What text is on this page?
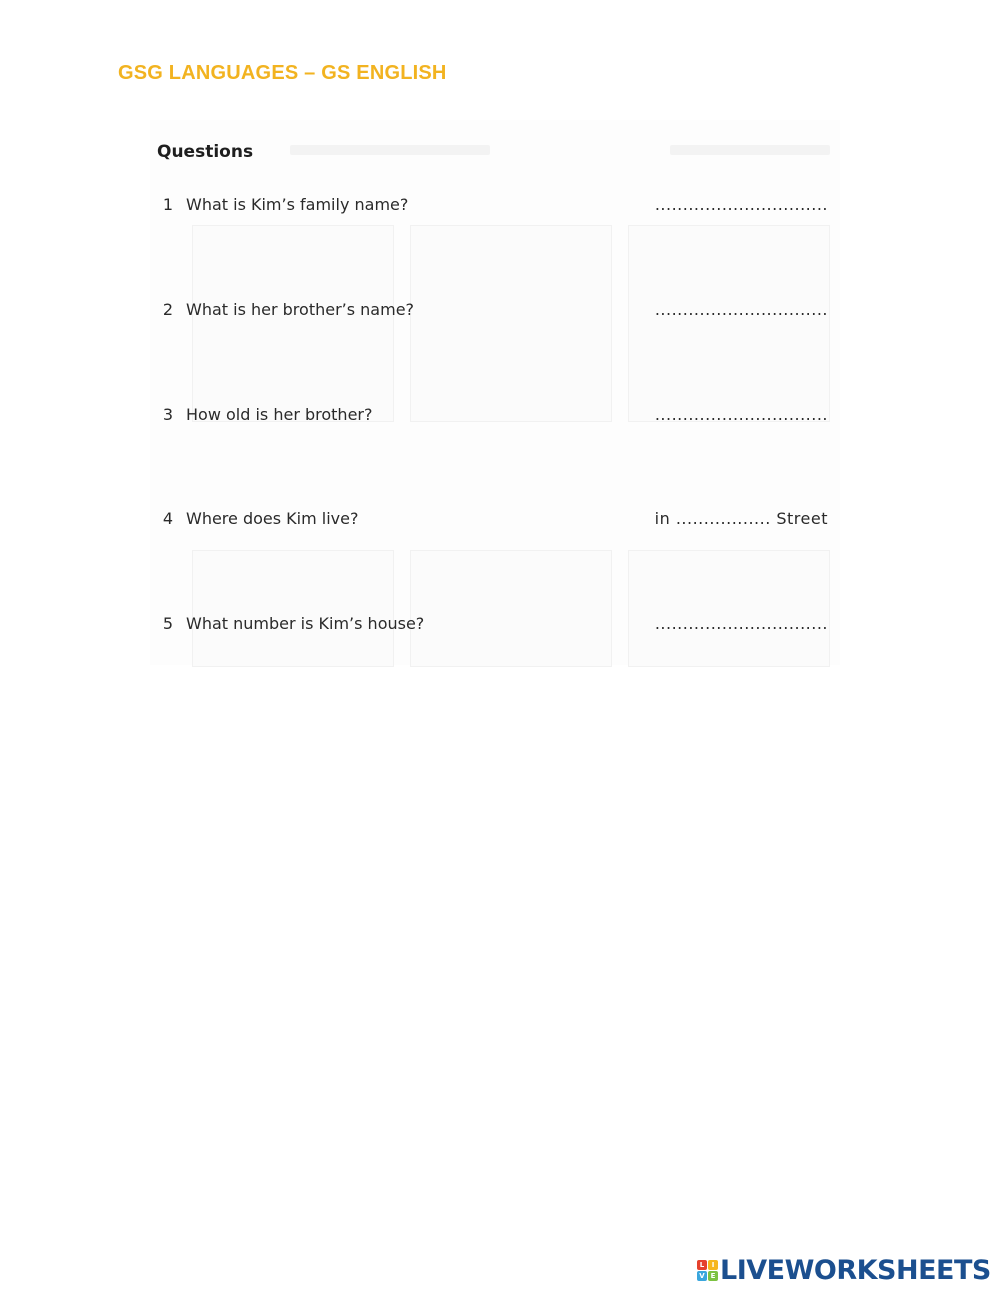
GSG LANGUAGES – GS ENGLISH
Questions
1 What is Kim’s family name?	...............................
2 What is her brother’s name?	...............................
3 How old is her brother?	...............................
4 Where does Kim live?	in ................. Street
5 What number is Kim’s house?	...............................
L	I
V E LIVEWORKSHEETS
